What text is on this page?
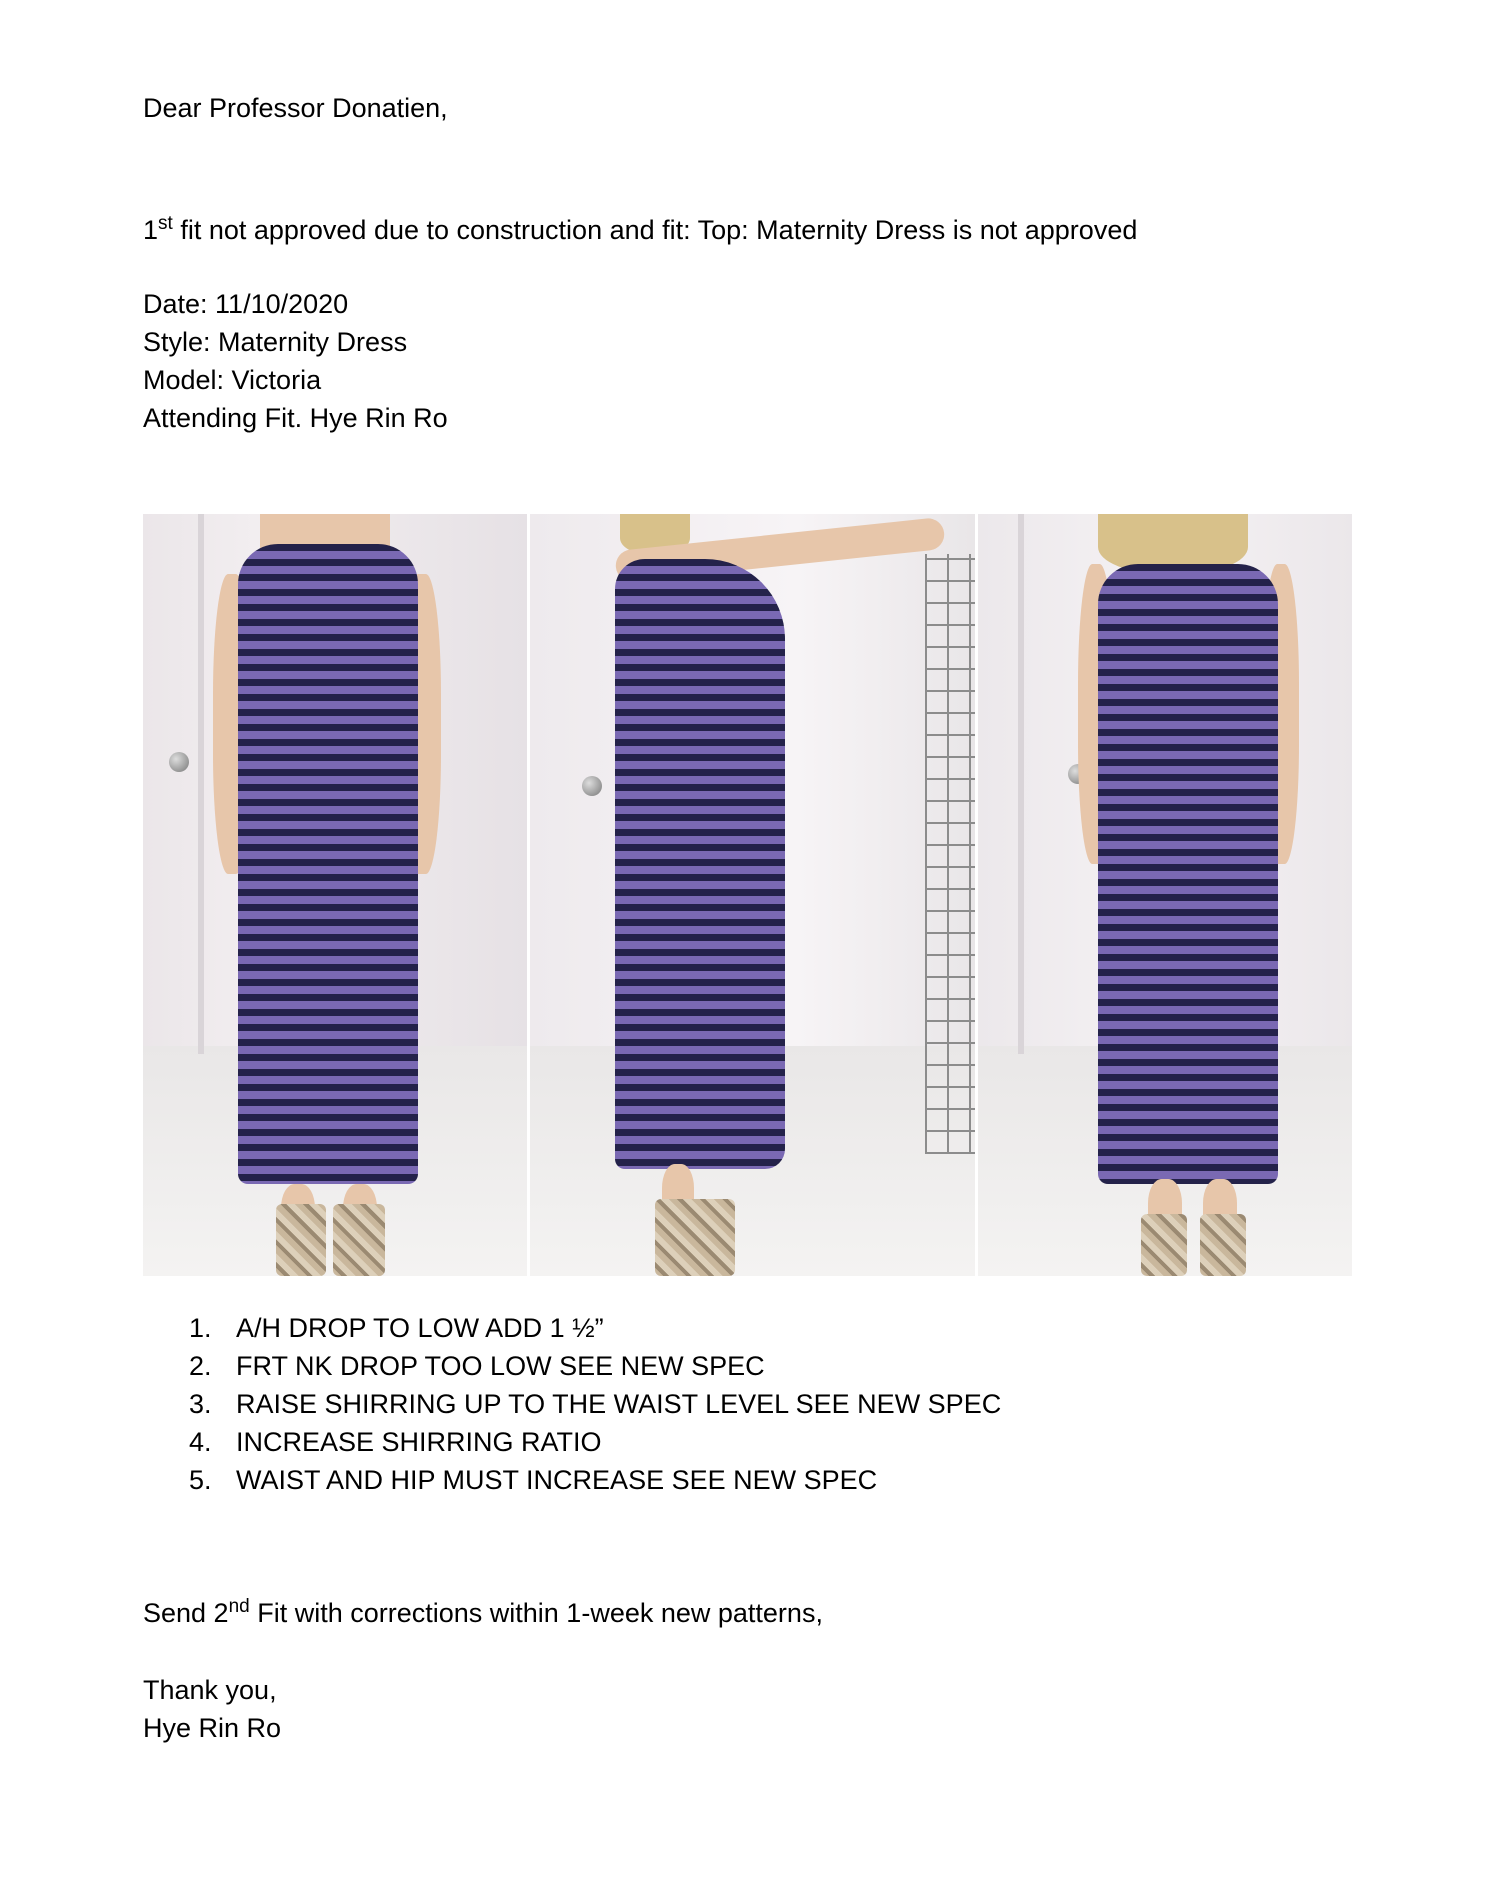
Dear Professor Donatien,
1st fit not approved due to construction and fit: Top: Maternity Dress is not approved
Date: 11/10/2020
Style: Maternity Dress
Model: Victoria
Attending Fit. Hye Rin Ro
1. A/H DROP TO LOW ADD 1 ½”
2. FRT NK DROP TOO LOW SEE NEW SPEC
3. RAISE SHIRRING UP TO THE WAIST LEVEL SEE NEW SPEC
4. INCREASE SHIRRING RATIO
5. WAIST AND HIP MUST INCREASE SEE NEW SPEC
Send 2nd Fit with corrections within 1-week new patterns,
Thank you,
Hye Rin Ro
